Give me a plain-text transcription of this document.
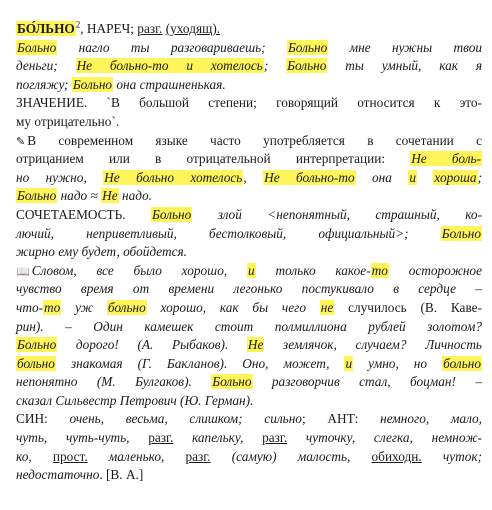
БО́ЛЬНО$^2$, НАРЕЧ; разг. (уходящ).
Больно нагло ты разговариваешь; Больно мне нужны твои
деньги; Не больно-то и хотелось; Больно ты умный, как я
погляжу; Больно она страшненькая.
ЗНАЧЕНИЕ. `В большой степени; говорящий относится к это-
му отрицательно`.
✎ В современном языке часто употребляется в сочетании с
отрицанием или в отрицательной интерпретации: Не боль-
но нужно, Не больно хотелось, Не больно-то она и хороша;
Больно надо ≈ Не надо.
СОЧЕТАЕМОСТЬ. Больно злой <непонятный, страшный, ко-
лючий, неприветливый, бестолковый, официальный>; Больно
жирно ему будет, обойдется.
📖 Словом, все было хорошо, и только какое-то осторожное
чувство время от времени легонько постукивало в сердце –
что-то уж больно хорошо, как бы чего не случилось (В. Каве-
рин). – Один камешек стоит полмиллиона рублей золотом?
Больно дорого! (А. Рыбаков). Не землячок, случаем? Личность
больно знакомая (Г. Бакланов). Оно, может, и умно, но больно
непонятно (М. Булгаков). Больно разговорчив стал, боцман! –
сказал Сильвестр Петрович (Ю. Герман).
СИН: очень, весьма, слишком; сильно; АНТ: немного, мало,
чуть, чуть-чуть, разг. капельку, разг. чуточку, слегка, немнож-
ко, прост. маленько, разг. (самую) малость, обиходн. чуток;
недостаточно. [В. А.]
